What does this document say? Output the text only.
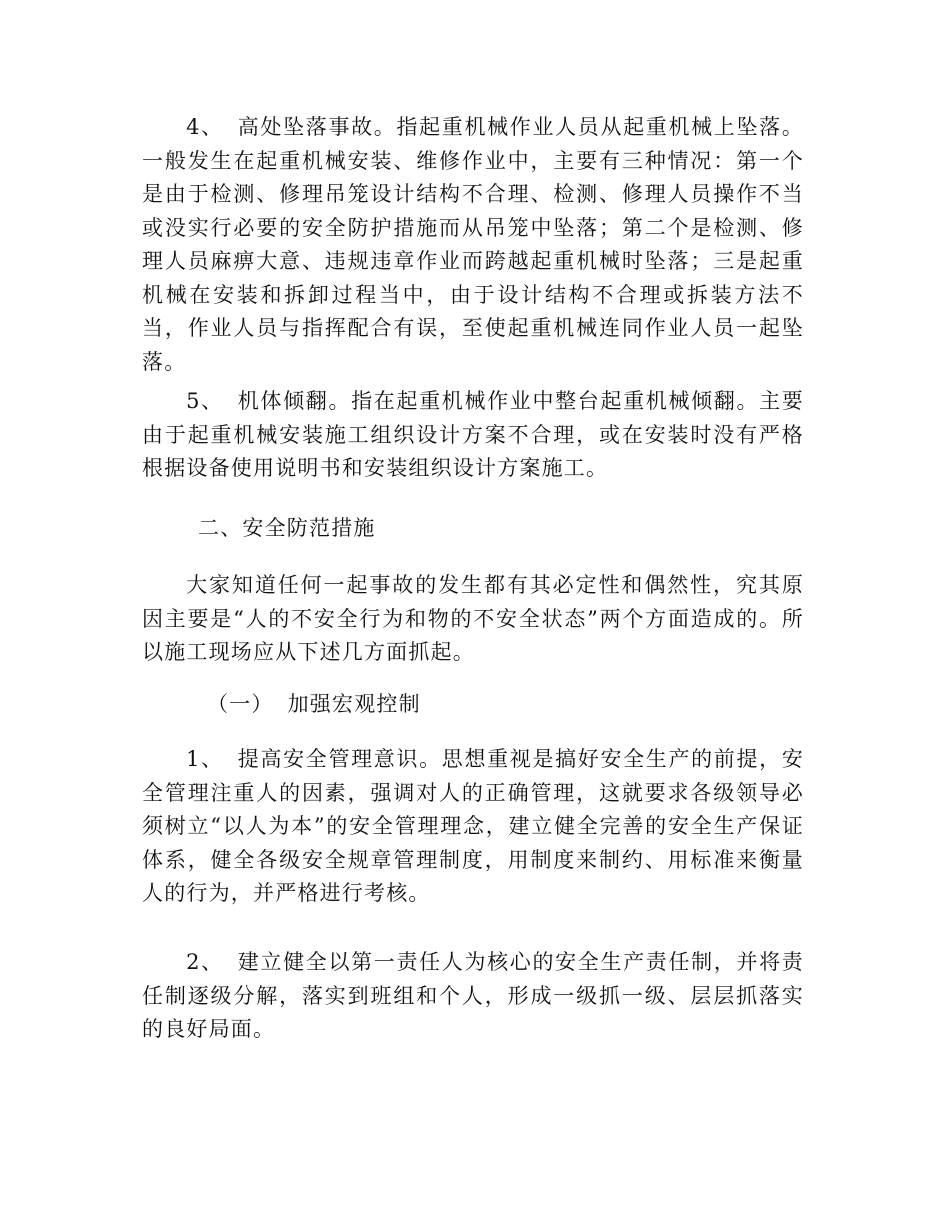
4、 高处坠落事故。指起重机械作业人员从起重机械上坠落。一般发生在起重机械安装、维修作业中，主要有三种情况：第一个是由于检测、修理吊笼设计结构不合理、检测、修理人员操作不当或没实行必要的安全防护措施而从吊笼中坠落；第二个是检测、修理人员麻痹大意、违规违章作业而跨越起重机械时坠落；三是起重机械在安装和拆卸过程当中，由于设计结构不合理或拆装方法不当，作业人员与指挥配合有误，至使起重机械连同作业人员一起坠落。

5、 机体倾翻。指在起重机械作业中整台起重机械倾翻。主要由于起重机械安装施工组织设计方案不合理，或在安装时没有严格根据设备使用说明书和安装组织设计方案施工。

二、安全防范措施

大家知道任何一起事故的发生都有其必定性和偶然性，究其原因主要是“人的不安全行为和物的不安全状态”两个方面造成的。所以施工现场应从下述几方面抓起。

（一） 加强宏观控制

1、 提高安全管理意识。思想重视是搞好安全生产的前提，安全管理注重人的因素，强调对人的正确管理，这就要求各级领导必须树立“以人为本”的安全管理理念，建立健全完善的安全生产保证体系，健全各级安全规章管理制度，用制度来制约、用标准来衡量人的行为，并严格进行考核。

2、 建立健全以第一责任人为核心的安全生产责任制，并将责任制逐级分解，落实到班组和个人，形成一级抓一级、层层抓落实的良好局面。
